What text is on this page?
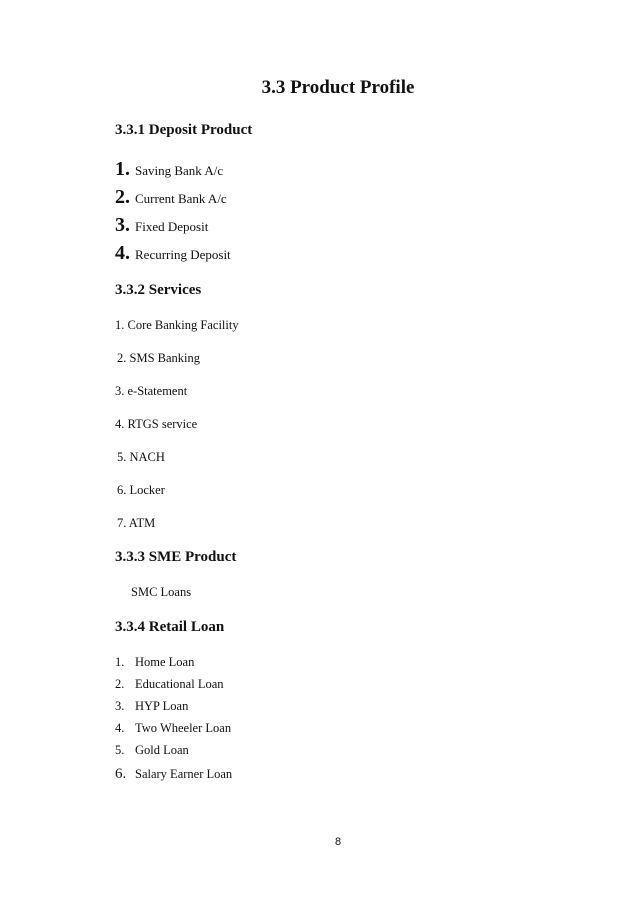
3.3 Product Profile
3.3.1 Deposit Product
1. Saving Bank A/c
2. Current Bank A/c
3. Fixed Deposit
4. Recurring Deposit
3.3.2 Services
1. Core Banking Facility
2. SMS Banking
3. e-Statement
4. RTGS service
5. NACH
6. Locker
7. ATM
3.3.3 SME Product
SMC Loans
3.3.4 Retail Loan
1. Home Loan
2. Educational Loan
3. HYP Loan
4. Two Wheeler Loan
5. Gold Loan
6. Salary Earner Loan
8
